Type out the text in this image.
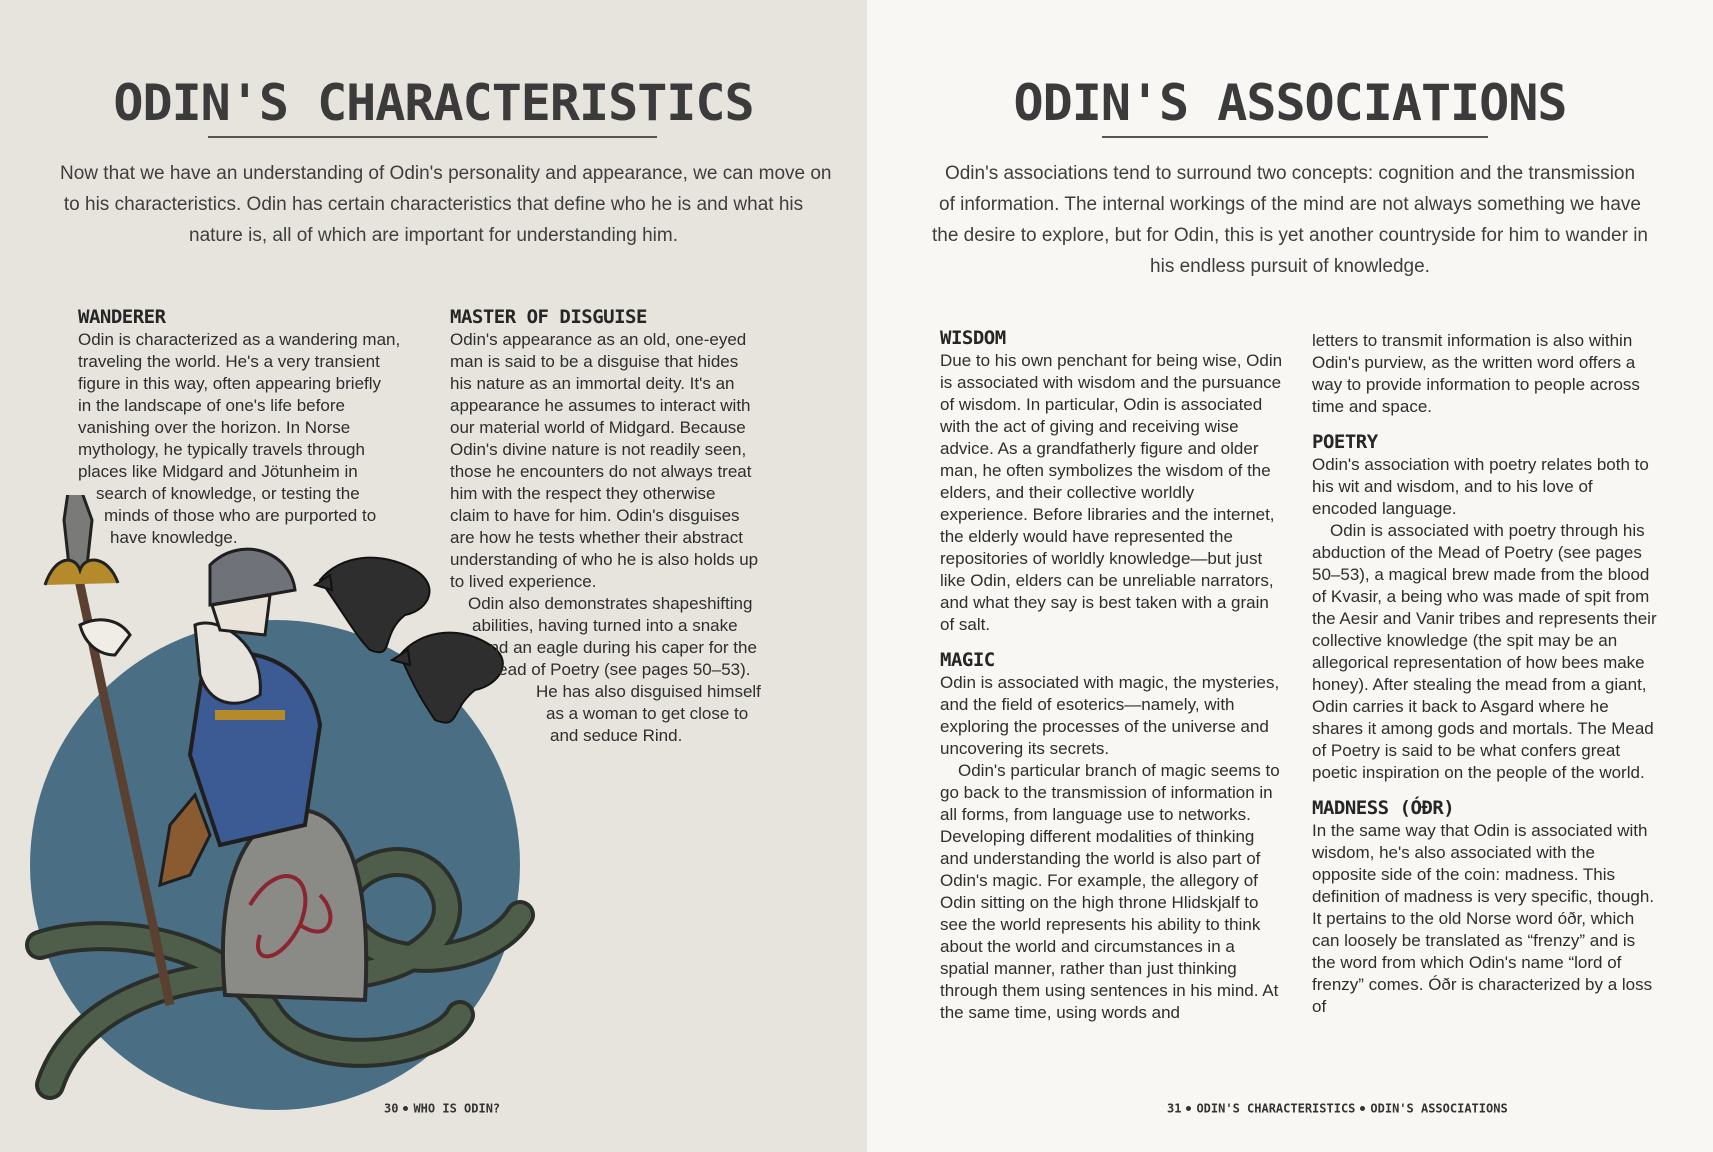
ODIN'S CHARACTERISTICS
Now that we have an understanding of Odin's personality and appearance, we can move on
to his characteristics. Odin has certain characteristics that define who he is and what his
nature is, all of which are important for understanding him.
WANDERER
Odin is characterized as a wandering man,
traveling the world. He's a very transient
figure in this way, often appearing briefly
in the landscape of one's life before
vanishing over the horizon. In Norse
mythology, he typically travels through
places like Midgard and Jötunheim in
search of knowledge, or testing the
minds of those who are purported to
have knowledge.
MASTER OF DISGUISE
Odin's appearance as an old, one-eyed
man is said to be a disguise that hides
his nature as an immortal deity. It's an
appearance he assumes to interact with
our material world of Midgard. Because
Odin's divine nature is not readily seen,
those he encounters do not always treat
him with the respect they otherwise
claim to have for him. Odin's disguises
are how he tests whether their abstract
understanding of who he is also holds up
to lived experience.
Odin also demonstrates shapeshifting
abilities, having turned into a snake
and an eagle during his caper for the
Mead of Poetry (see pages 50–53).
He has also disguised himself
as a woman to get close to
and seduce Rind.
30 WHO IS ODIN?
ODIN'S ASSOCIATIONS
Odin's associations tend to surround two concepts: cognition and the transmission
of information. The internal workings of the mind are not always something we have
the desire to explore, but for Odin, this is yet another countryside for him to wander in
his endless pursuit of knowledge.
WISDOM

Due to his own penchant for being wise, Odin is associated with wisdom and the pursuance of wisdom. In particular, Odin is associated with the act of giving and receiving wise advice. As a grandfatherly figure and older man, he often symbolizes the wisdom of the elders, and their collective worldly experience. Before libraries and the internet, the elderly would have represented the repositories of worldly knowledge—but just like Odin, elders can be unreliable narrators, and what they say is best taken with a grain of salt.

MAGIC

Odin is associated with magic, the mysteries, and the field of esoterics—namely, with exploring the processes of the universe and uncovering its secrets.

Odin's particular branch of magic seems to go back to the transmission of information in all forms, from language use to networks. Developing different modalities of thinking and understanding the world is also part of Odin's magic. For example, the allegory of Odin sitting on the high throne Hlidskjalf to see the world represents his ability to think about the world and circumstances in a spatial manner, rather than just thinking through them using sentences in his mind. At the same time, using words and

letters to transmit information is also within Odin's purview, as the written word offers a way to provide information to people across time and space.

POETRY

Odin's association with poetry relates both to his wit and wisdom, and to his love of encoded language.

Odin is associated with poetry through his abduction of the Mead of Poetry (see pages 50–53), a magical brew made from the blood of Kvasir, a being who was made of spit from the Aesir and Vanir tribes and represents their collective knowledge (the spit may be an allegorical representation of how bees make honey). After stealing the mead from a giant, Odin carries it back to Asgard where he shares it among gods and mortals. The Mead of Poetry is said to be what confers great poetic inspiration on the people of the world.

MADNESS (ÓÐR)

In the same way that Odin is associated with wisdom, he's also associated with the opposite side of the coin: madness. This definition of madness is very specific, though. It pertains to the old Norse word óðr, which can loosely be translated as “frenzy” and is the word from which Odin's name “lord of frenzy” comes. Óðr is characterized by a loss of

31 ODIN'S CHARACTERISTICS ODIN'S ASSOCIATIONS
